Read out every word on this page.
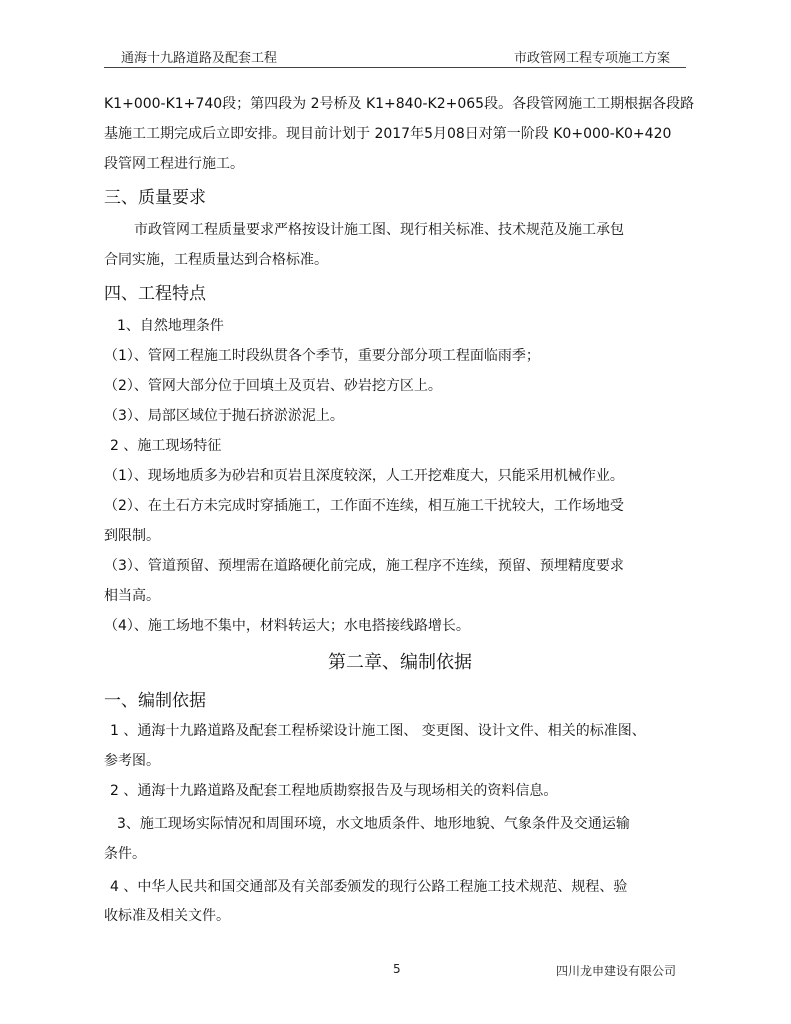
通海十九路道路及配套工程	市政管网工程专项施工方案
K1+000-K1+740段；第四段为 2号桥及 K1+840-K2+065段。各段管网施工工期根据各段路
基施工工期完成后立即安排。现目前计划于 2017年5月08日对第一阶段 K0+000-K0+420
段管网工程进行施工。
三、质量要求
市政管网工程质量要求严格按设计施工图、现行相关标准、技术规范及施工承包
合同实施，工程质量达到合格标准。
四、工程特点
1、自然地理条件
（1）、管网工程施工时段纵贯各个季节，重要分部分项工程面临雨季；
（2）、管网大部分位于回填土及页岩、砂岩挖方区上。
（3）、局部区域位于抛石挤淤淤泥上。
2 、施工现场特征
（1）、现场地质多为砂岩和页岩且深度较深，人工开挖难度大，只能采用机械作业。
（2）、在土石方未完成时穿插施工，工作面不连续，相互施工干扰较大，工作场地受
到限制。
（3）、管道预留、预埋需在道路硬化前完成，施工程序不连续，预留、预埋精度要求
相当高。
（4）、施工场地不集中，材料转运大；水电搭接线路增长。
第二章、编制依据
一、编制依据
1 、通海十九路道路及配套工程桥梁设计施工图、 变更图、设计文件、相关的标准图、
参考图。
2 、通海十九路道路及配套工程地质勘察报告及与现场相关的资料信息。
3、施工现场实际情况和周围环境，水文地质条件、地形地貌、气象条件及交通运输
条件。
4 、中华人民共和国交通部及有关部委颁发的现行公路工程施工技术规范、规程、验
收标准及相关文件。
5	四川龙申建设有限公司
